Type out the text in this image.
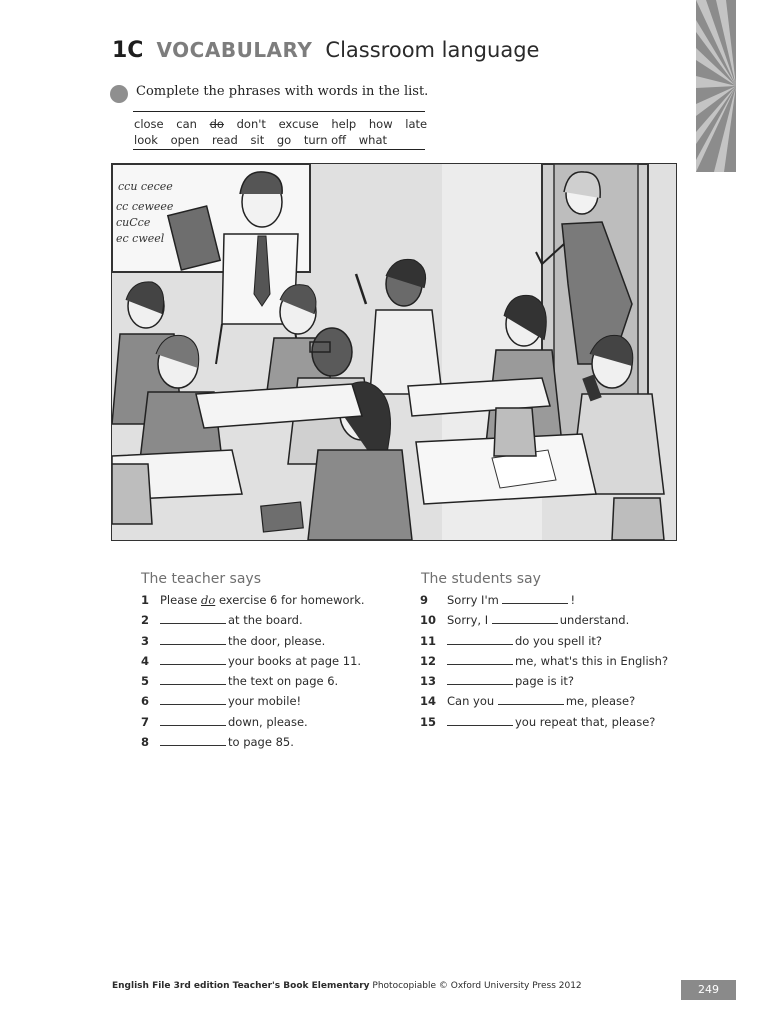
1C VOCABULARY Classroom language
Complete the phrases with words in the list.
close can do don't excuse help how late
look open read sit go turn off what
ccu cecee
cc ceweee
cuCce
ec cweel
The teacher says	The students say
1 Please do exercise 6 for homework.
2	at the board.
3	the door, please.
4	your books at page 11.
5	the text on page 6.
6	your mobile!
7	down, please.
8	to page 85.
9 Sorry I'm	!
10 Sorry, I	understand.
11	do you spell it?
12	me, what's this in English?
13	page is it?
14 Can you	me, please?
15	you repeat that, please?
English File 3rd edition Teacher's Book Elementary Photocopiable © Oxford University Press 2012	249
